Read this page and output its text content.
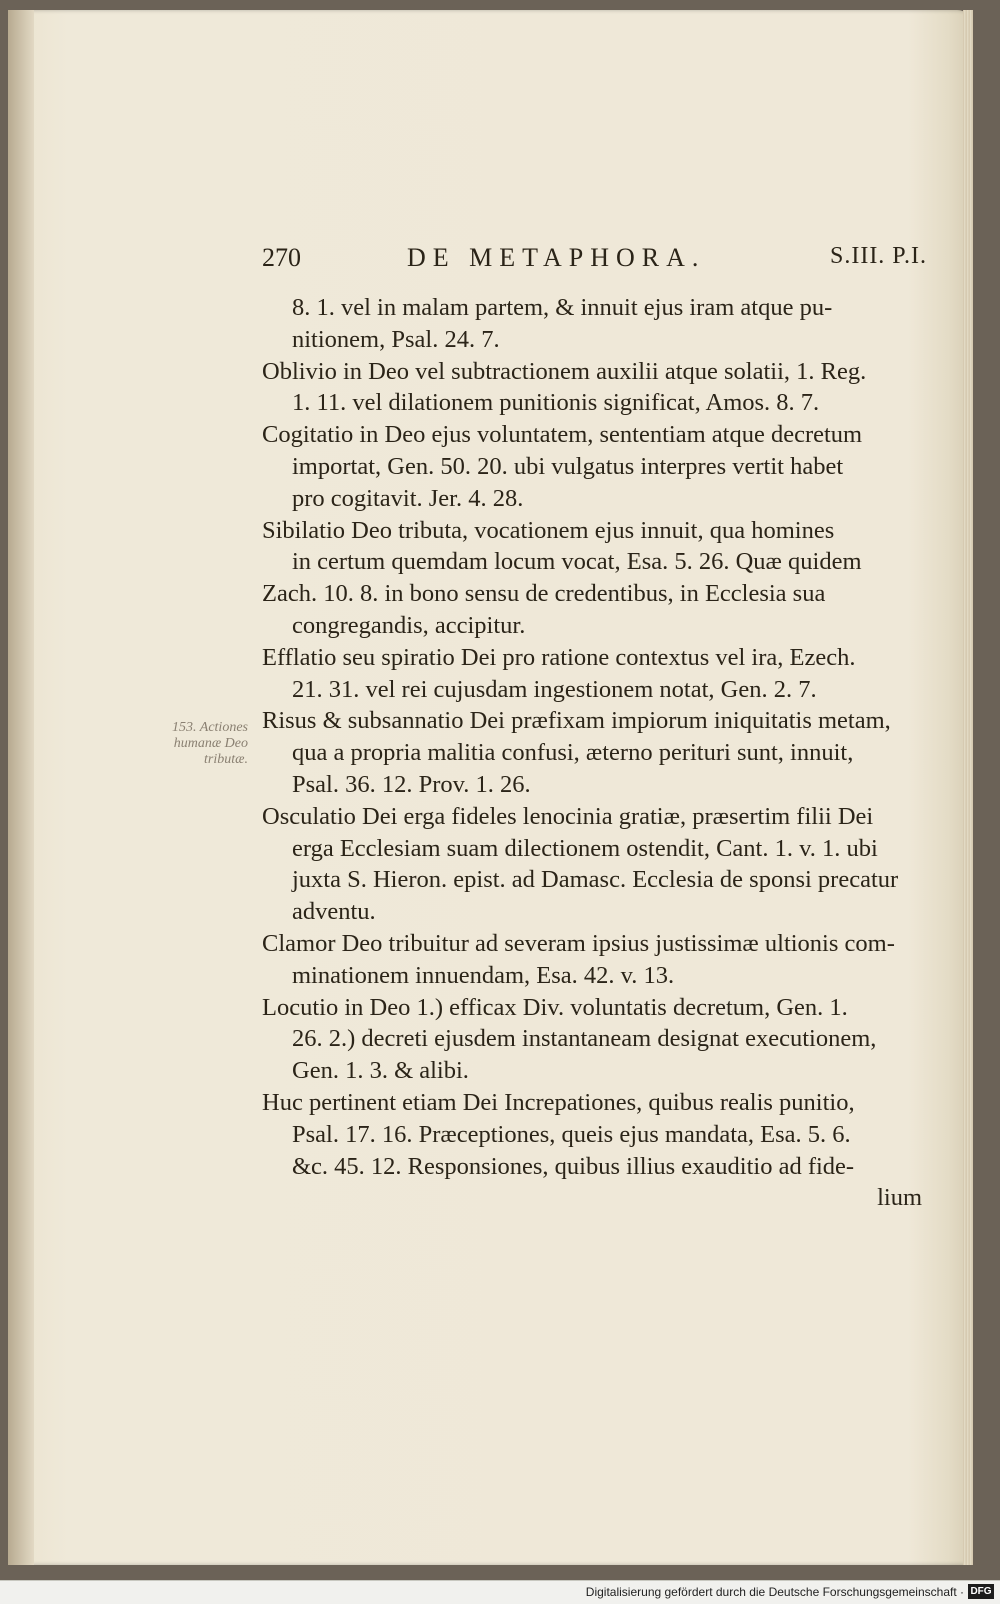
270	DE METAPHORA.	S.III. P.I.
153. Actiones humanæ Deo tributæ.
8. 1. vel in malam partem, & innuit ejus iram atque pu-
nitionem, Psal. 24. 7.
Oblivio in Deo vel subtractionem auxilii atque solatii, 1. Reg.
1. 11. vel dilationem punitionis significat, Amos. 8. 7.
Cogitatio in Deo ejus voluntatem, sententiam atque decretum
importat, Gen. 50. 20. ubi vulgatus interpres vertit habet
pro cogitavit. Jer. 4. 28.
Sibilatio Deo tributa, vocationem ejus innuit, qua homines
in certum quemdam locum vocat, Esa. 5. 26. Quæ quidem
Zach. 10. 8. in bono sensu de credentibus, in Ecclesia sua
congregandis, accipitur.
Efflatio seu spiratio Dei pro ratione contextus vel ira, Ezech.
21. 31. vel rei cujusdam ingestionem notat, Gen. 2. 7.
Risus & subsannatio Dei præfixam impiorum iniquitatis metam,
qua a propria malitia confusi, æterno perituri sunt, innuit,
Psal. 36. 12. Prov. 1. 26.
Osculatio Dei erga fideles lenocinia gratiæ, præsertim filii Dei
erga Ecclesiam suam dilectionem ostendit, Cant. 1. v. 1. ubi
juxta S. Hieron. epist. ad Damasc. Ecclesia de sponsi precatur
adventu.
Clamor Deo tribuitur ad severam ipsius justissimæ ultionis com-
minationem innuendam, Esa. 42. v. 13.
Locutio in Deo 1.) efficax Div. voluntatis decretum, Gen. 1.
26. 2.) decreti ejusdem instantaneam designat executionem,
Gen. 1. 3. & alibi.
Huc pertinent etiam Dei Increpationes, quibus realis punitio,
Psal. 17. 16. Præceptiones, queis ejus mandata, Esa. 5. 6.
&c. 45. 12. Responsiones, quibus illius exauditio ad fide-
lium
Digitalisierung gefördert durch die Deutsche Forschungsgemeinschaft · DFG
